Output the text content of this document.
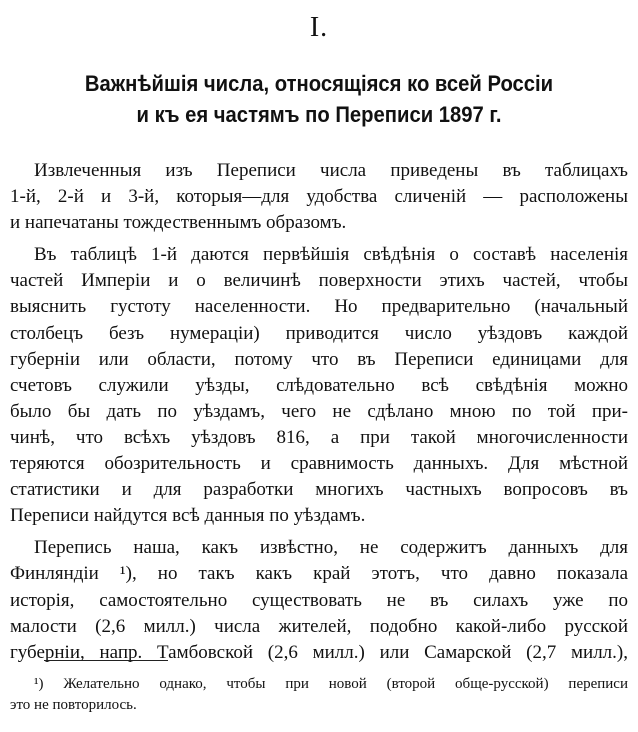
I.
Важнѣйшія числа, относящіяся ко всей Россіи
и къ ея частямъ по Переписи 1897 г.
Извлеченныя изъ Переписи числа приведены въ таблицахъ
1-й, 2-й и 3-й, которыя—для удобства сличеній — расположены
и напечатаны тождественнымъ образомъ.
Въ таблицѣ 1-й даются первѣйшія свѣдѣнія о составѣ населенія
частей Имперіи и о величинѣ поверхности этихъ частей, чтобы
выяснить густоту населенности. Но предварительно (начальный
столбецъ безъ нумераціи) приводится число уѣздовъ каждой
губерніи или области, потому что въ Переписи единицами для
счетовъ служили уѣзды, слѣдовательно всѣ свѣдѣнія можно
было бы дать по уѣздамъ, чего не сдѣлано мною по той при-
чинѣ, что всѣхъ уѣздовъ 816, а при такой многочисленности
теряются обозрительность и сравнимость данныхъ. Для мѣстной
статистики и для разработки многихъ частныхъ вопросовъ въ
Переписи найдутся всѣ данныя по уѣздамъ.
Перепись наша, какъ извѣстно, не содержитъ данныхъ для
Финляндіи ¹), но такъ какъ край этотъ, что давно показала
исторія, самостоятельно существовать не въ силахъ уже по
малости (2,6 милл.) числа жителей, подобно какой-либо русской
губерніи, напр. Тамбовской (2,6 милл.) или Самарской (2,7 милл.),
¹) Желательно однако, чтобы при новой (второй обще-русской) переписи
это не повторилось.
